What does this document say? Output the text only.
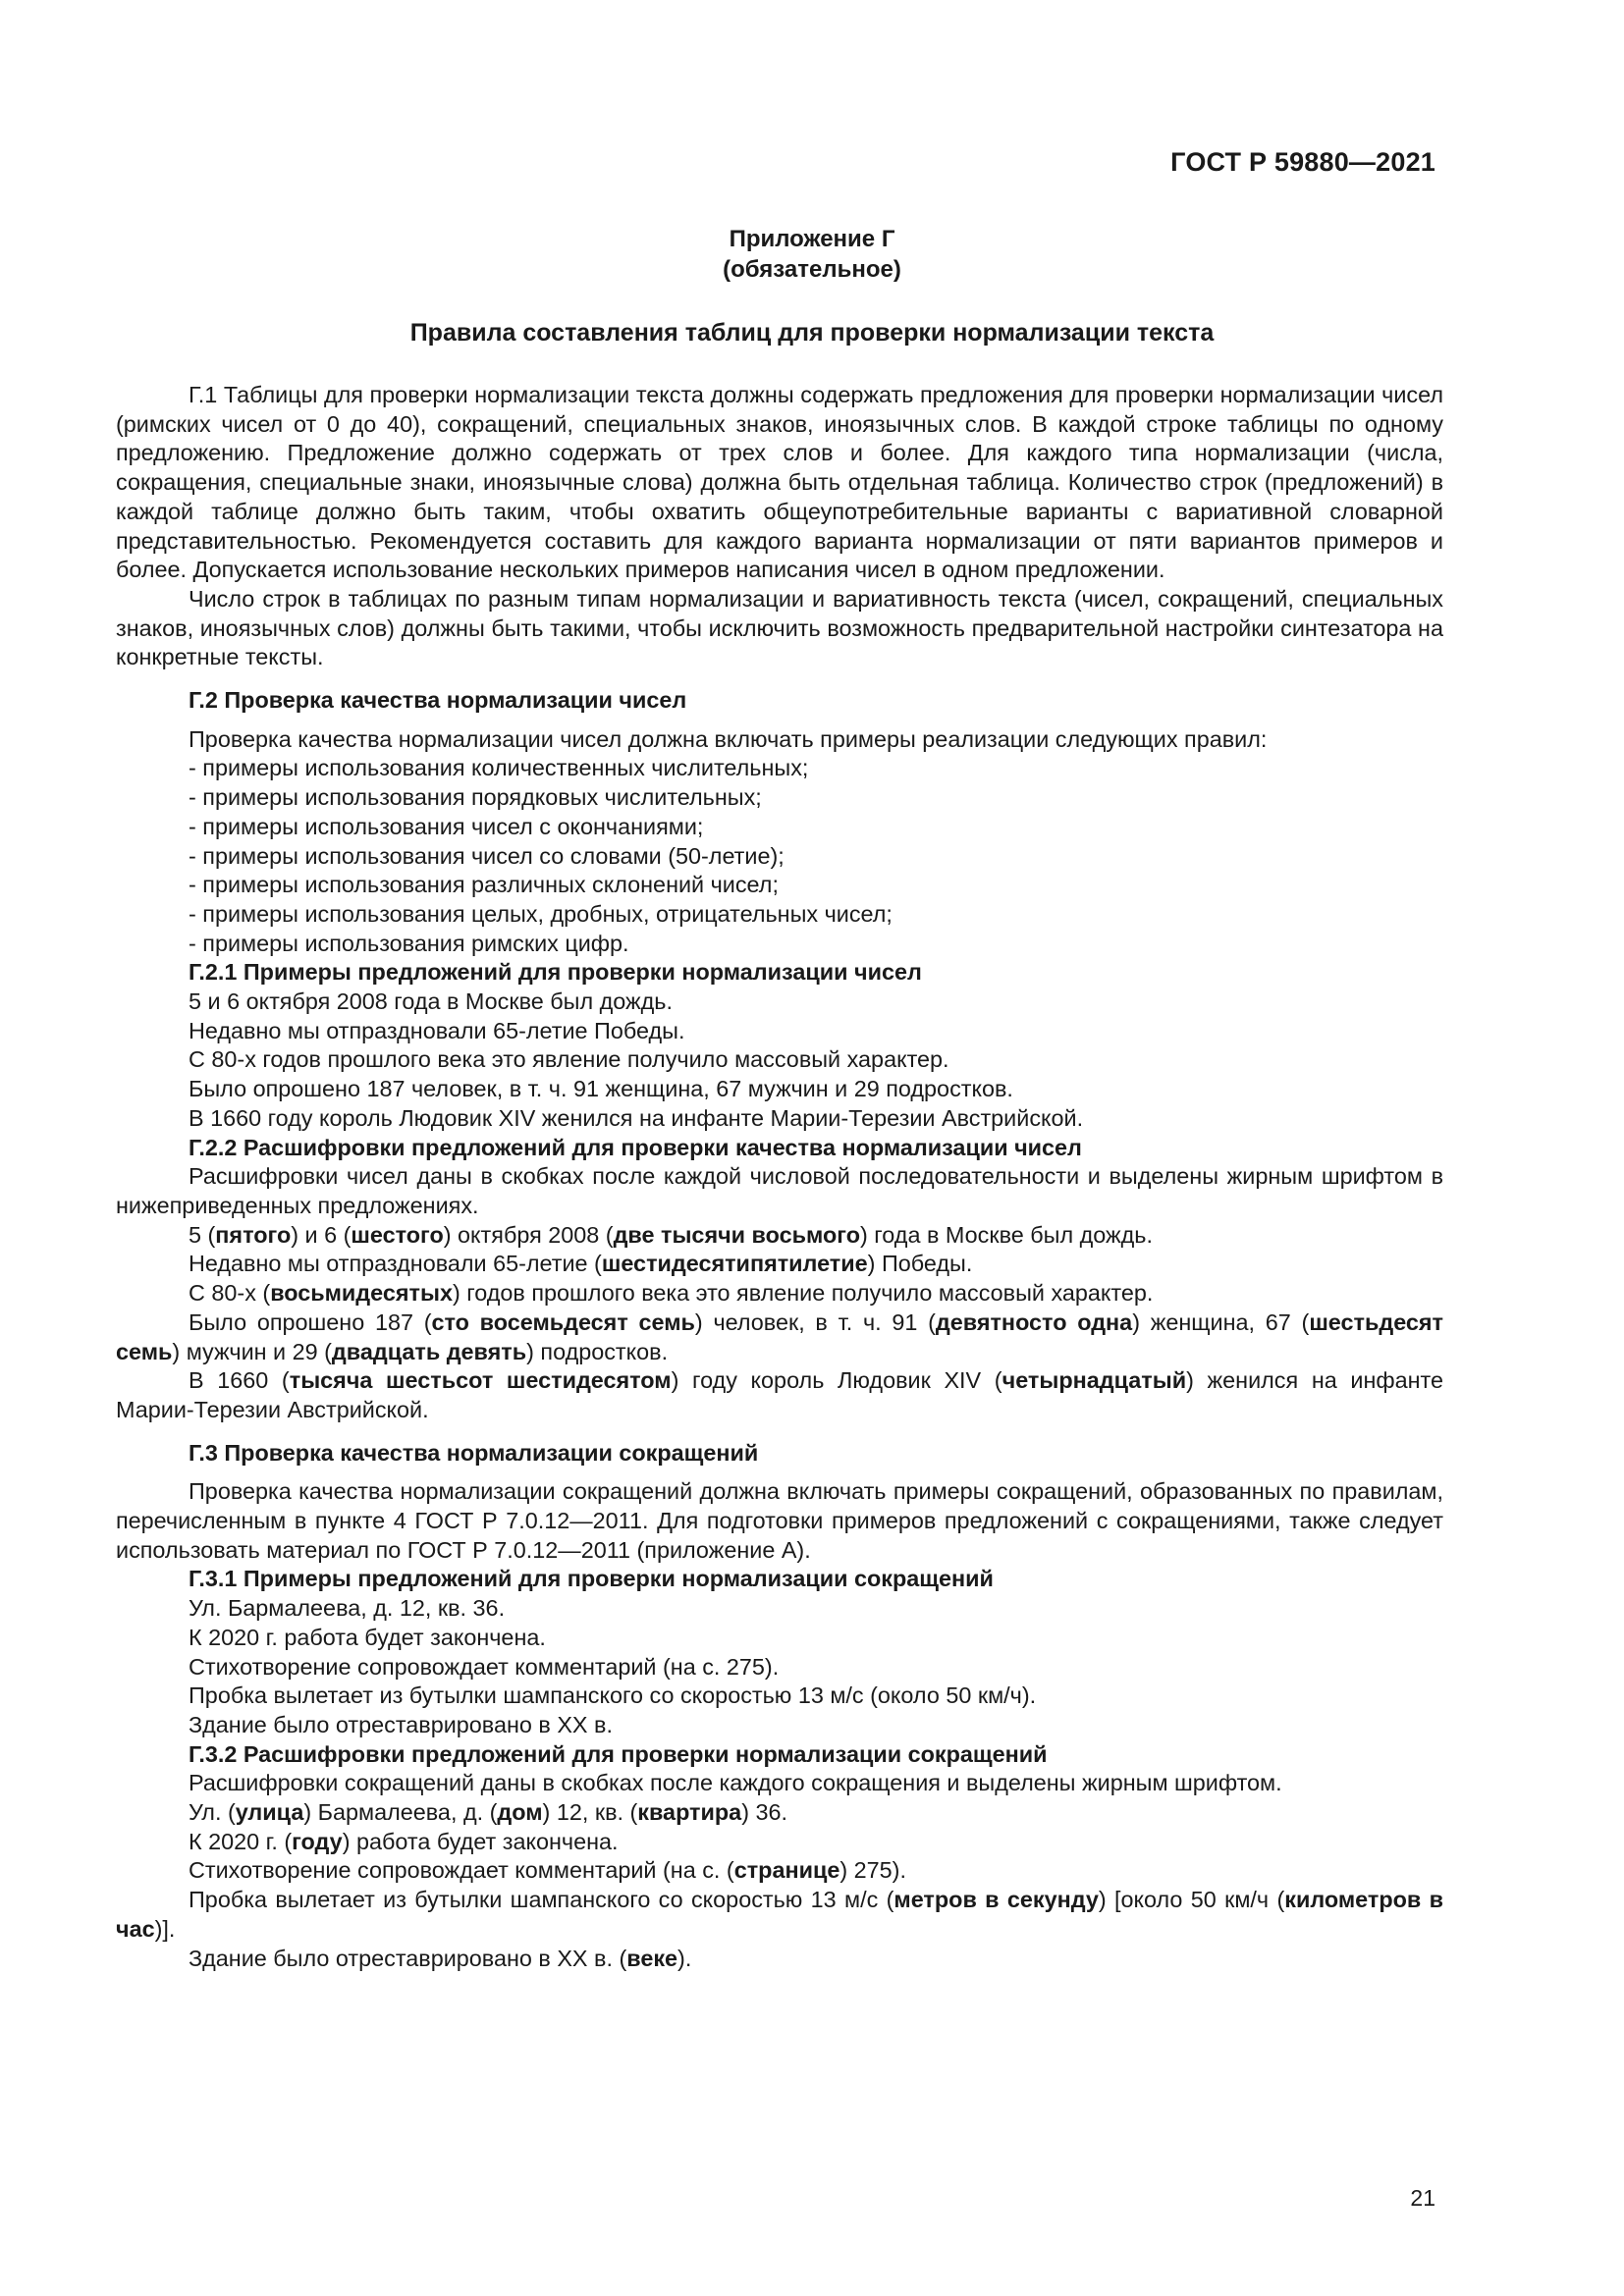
ГОСТ Р 59880—2021
Приложение Г
(обязательное)
Правила составления таблиц для проверки нормализации текста

Г.1 Таблицы для проверки нормализации текста должны содержать предложения для проверки нормализации чисел (римских чисел от 0 до 40), сокращений, специальных знаков, иноязычных слов. В каждой строке таблицы по одному предложению. Предложение должно содержать от трех слов и более. Для каждого типа нормализации (числа, сокращения, специальные знаки, иноязычные слова) должна быть отдельная таблица. Количество строк (предложений) в каждой таблице должно быть таким, чтобы охватить общеупотребительные варианты с вариативной словарной представительностью. Рекомендуется составить для каждого варианта нормализации от пяти вариантов примеров и более. Допускается использование нескольких примеров написания чисел в одном предложении.

Число строк в таблицах по разным типам нормализации и вариативность текста (чисел, сокращений, специальных знаков, иноязычных слов) должны быть такими, чтобы исключить возможность предварительной настройки синтезатора на конкретные тексты.

Г.2 Проверка качества нормализации чисел

Проверка качества нормализации чисел должна включать примеры реализации следующих правил:

- примеры использования количественных числительных;

- примеры использования порядковых числительных;

- примеры использования чисел с окончаниями;

- примеры использования чисел со словами (50-летие);

- примеры использования различных склонений чисел;

- примеры использования целых, дробных, отрицательных чисел;

- примеры использования римских цифр.

Г.2.1 Примеры предложений для проверки нормализации чисел

5 и 6 октября 2008 года в Москве был дождь.

Недавно мы отпраздновали 65-летие Победы.

С 80-х годов прошлого века это явление получило массовый характер.

Было опрошено 187 человек, в т. ч. 91 женщина, 67 мужчин и 29 подростков.

В 1660 году король Людовик XIV женился на инфанте Марии-Терезии Австрийской.

Г.2.2 Расшифровки предложений для проверки качества нормализации чисел

Расшифровки чисел даны в скобках после каждой числовой последовательности и выделены жирным шрифтом в нижеприведенных предложениях.

5 (пятого) и 6 (шестого) октября 2008 (две тысячи восьмого) года в Москве был дождь.

Недавно мы отпраздновали 65-летие (шестидесятипятилетие) Победы.

С 80-х (восьмидесятых) годов прошлого века это явление получило массовый характер.

Было опрошено 187 (сто восемьдесят семь) человек, в т. ч. 91 (девятносто одна) женщина, 67 (шестьдесят семь) мужчин и 29 (двадцать девять) подростков.

В 1660 (тысяча шестьсот шестидесятом) году король Людовик XIV (четырнадцатый) женился на инфанте Марии-Терезии Австрийской.

Г.3 Проверка качества нормализации сокращений

Проверка качества нормализации сокращений должна включать примеры сокращений, образованных по правилам, перечисленным в пункте 4 ГОСТ Р 7.0.12—2011. Для подготовки примеров предложений с сокращениями, также следует использовать материал по ГОСТ Р 7.0.12—2011 (приложение А).

Г.3.1 Примеры предложений для проверки нормализации сокращений

Ул. Бармалеева, д. 12, кв. 36.

К 2020 г. работа будет закончена.

Стихотворение сопровождает комментарий (на с. 275).

Пробка вылетает из бутылки шампанского со скоростью 13 м/с (около 50 км/ч).

Здание было отреставрировано в XX в.

Г.3.2 Расшифровки предложений для проверки нормализации сокращений

Расшифровки сокращений даны в скобках после каждого сокращения и выделены жирным шрифтом.

Ул. (улица) Бармалеева, д. (дом) 12, кв. (квартира) 36.

К 2020 г. (году) работа будет закончена.

Стихотворение сопровождает комментарий (на с. (странице) 275).

Пробка вылетает из бутылки шампанского со скоростью 13 м/с (метров в секунду) [около 50 км/ч (километров в час)].

Здание было отреставрировано в XX в. (веке).

21
